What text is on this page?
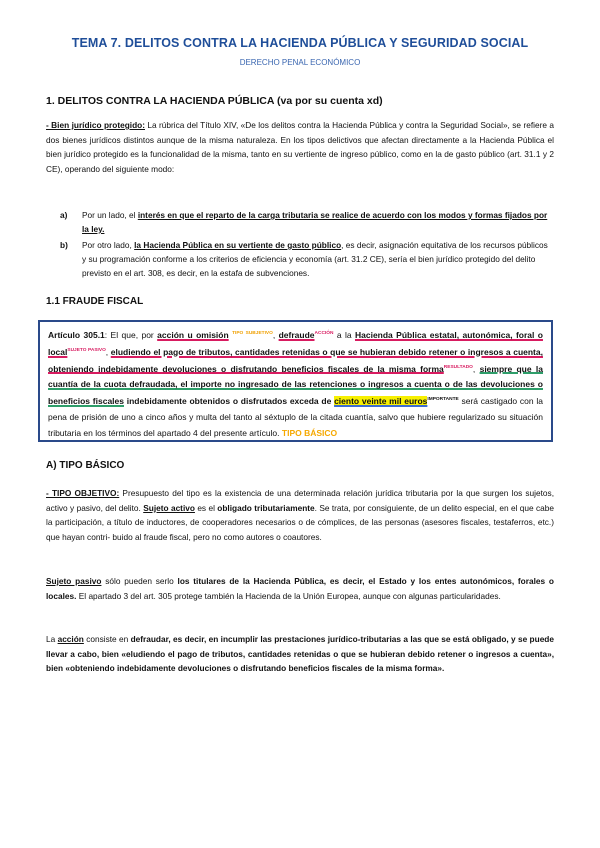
TEMA 7. DELITOS CONTRA LA HACIENDA PÚBLICA Y SEGURIDAD SOCIAL
DERECHO PENAL ECONÓMICO
1. DELITOS CONTRA LA HACIENDA PÚBLICA (va por su cuenta xd)
- Bien jurídico protegido: La rúbrica del Título XIV, «De los delitos contra la Hacienda Pública y contra la Seguridad Social», se refiere a dos bienes jurídicos distintos aunque de la misma naturaleza. En los tipos delictivos que afectan directamente a la Hacienda Pública el bien jurídico protegido es la funcionalidad de la misma, tanto en su vertiente de ingreso público, como en la de gasto público (art. 31.1 y 2 CE), operando del siguiente modo:
a) Por un lado, el interés en que el reparto de la carga tributaria se realice de acuerdo con los modos y formas fijados por la ley.
b) Por otro lado, la Hacienda Pública en su vertiente de gasto público, es decir, asignación equitativa de los recursos públicos y su programación conforme a los criterios de eficiencia y economía (art. 31.2 CE), sería el bien jurídico protegido del delito previsto en el art. 308, es decir, en la estafa de subvenciones.
1.1 FRAUDE FISCAL
Artículo 305.1: El que, por acción u omisión $^{TIPO SUBJETIVO}$, defraude$^{ACCIÓN}$ a la Hacienda Pública estatal, autonómica, foral o local$^{SUJETO PASIVO}$, eludiendo el pago de tributos, cantidades retenidas o que se hubieran debido retener o ingresos a cuenta, obteniendo indebidamente devoluciones o disfrutando beneficios fiscales de la misma forma$^{RESULTADO}$, siempre que la cuantía de la cuota defraudada, el importe no ingresado de las retenciones o ingresos a cuenta o de las devoluciones o beneficios fiscales indebidamente obtenidos o disfrutados exceda de ciento veinte mil euros$^{IMPORTANTE}$ será castigado con la pena de prisión de uno a cinco años y multa del tanto al séxtuplo de la citada cuantía, salvo que hubiere regularizado su situación tributaria en los términos del apartado 4 del presente artículo. TIPO BÁSICO
A) TIPO BÁSICO
- TIPO OBJETIVO: Presupuesto del tipo es la existencia de una determinada relación jurídica tributaria por la que surgen los sujetos, activo y pasivo, del delito. Sujeto activo es el obligado tributariamente. Se trata, por consiguiente, de un delito especial, en el que cabe la participación, a título de inductores, de cooperadores necesarios o de cómplices, de las personas (asesores fiscales, testaferros, etc.) que hayan contri- buido al fraude fiscal, pero no como autores o coautores.
Sujeto pasivo sólo pueden serlo los titulares de la Hacienda Pública, es decir, el Estado y los entes autonómicos, forales o locales. El apartado 3 del art. 305 protege también la Hacienda de la Unión Europea, aunque con algunas particularidades.
La acción consiste en defraudar, es decir, en incumplir las prestaciones jurídico-tributarias a las que se está obligado, y se puede llevar a cabo, bien «eludiendo el pago de tributos, cantidades retenidas o que se hubieran debido retener o ingresos a cuenta», bien «obteniendo indebidamente devoluciones o disfrutando beneficios fiscales de la misma forma».
